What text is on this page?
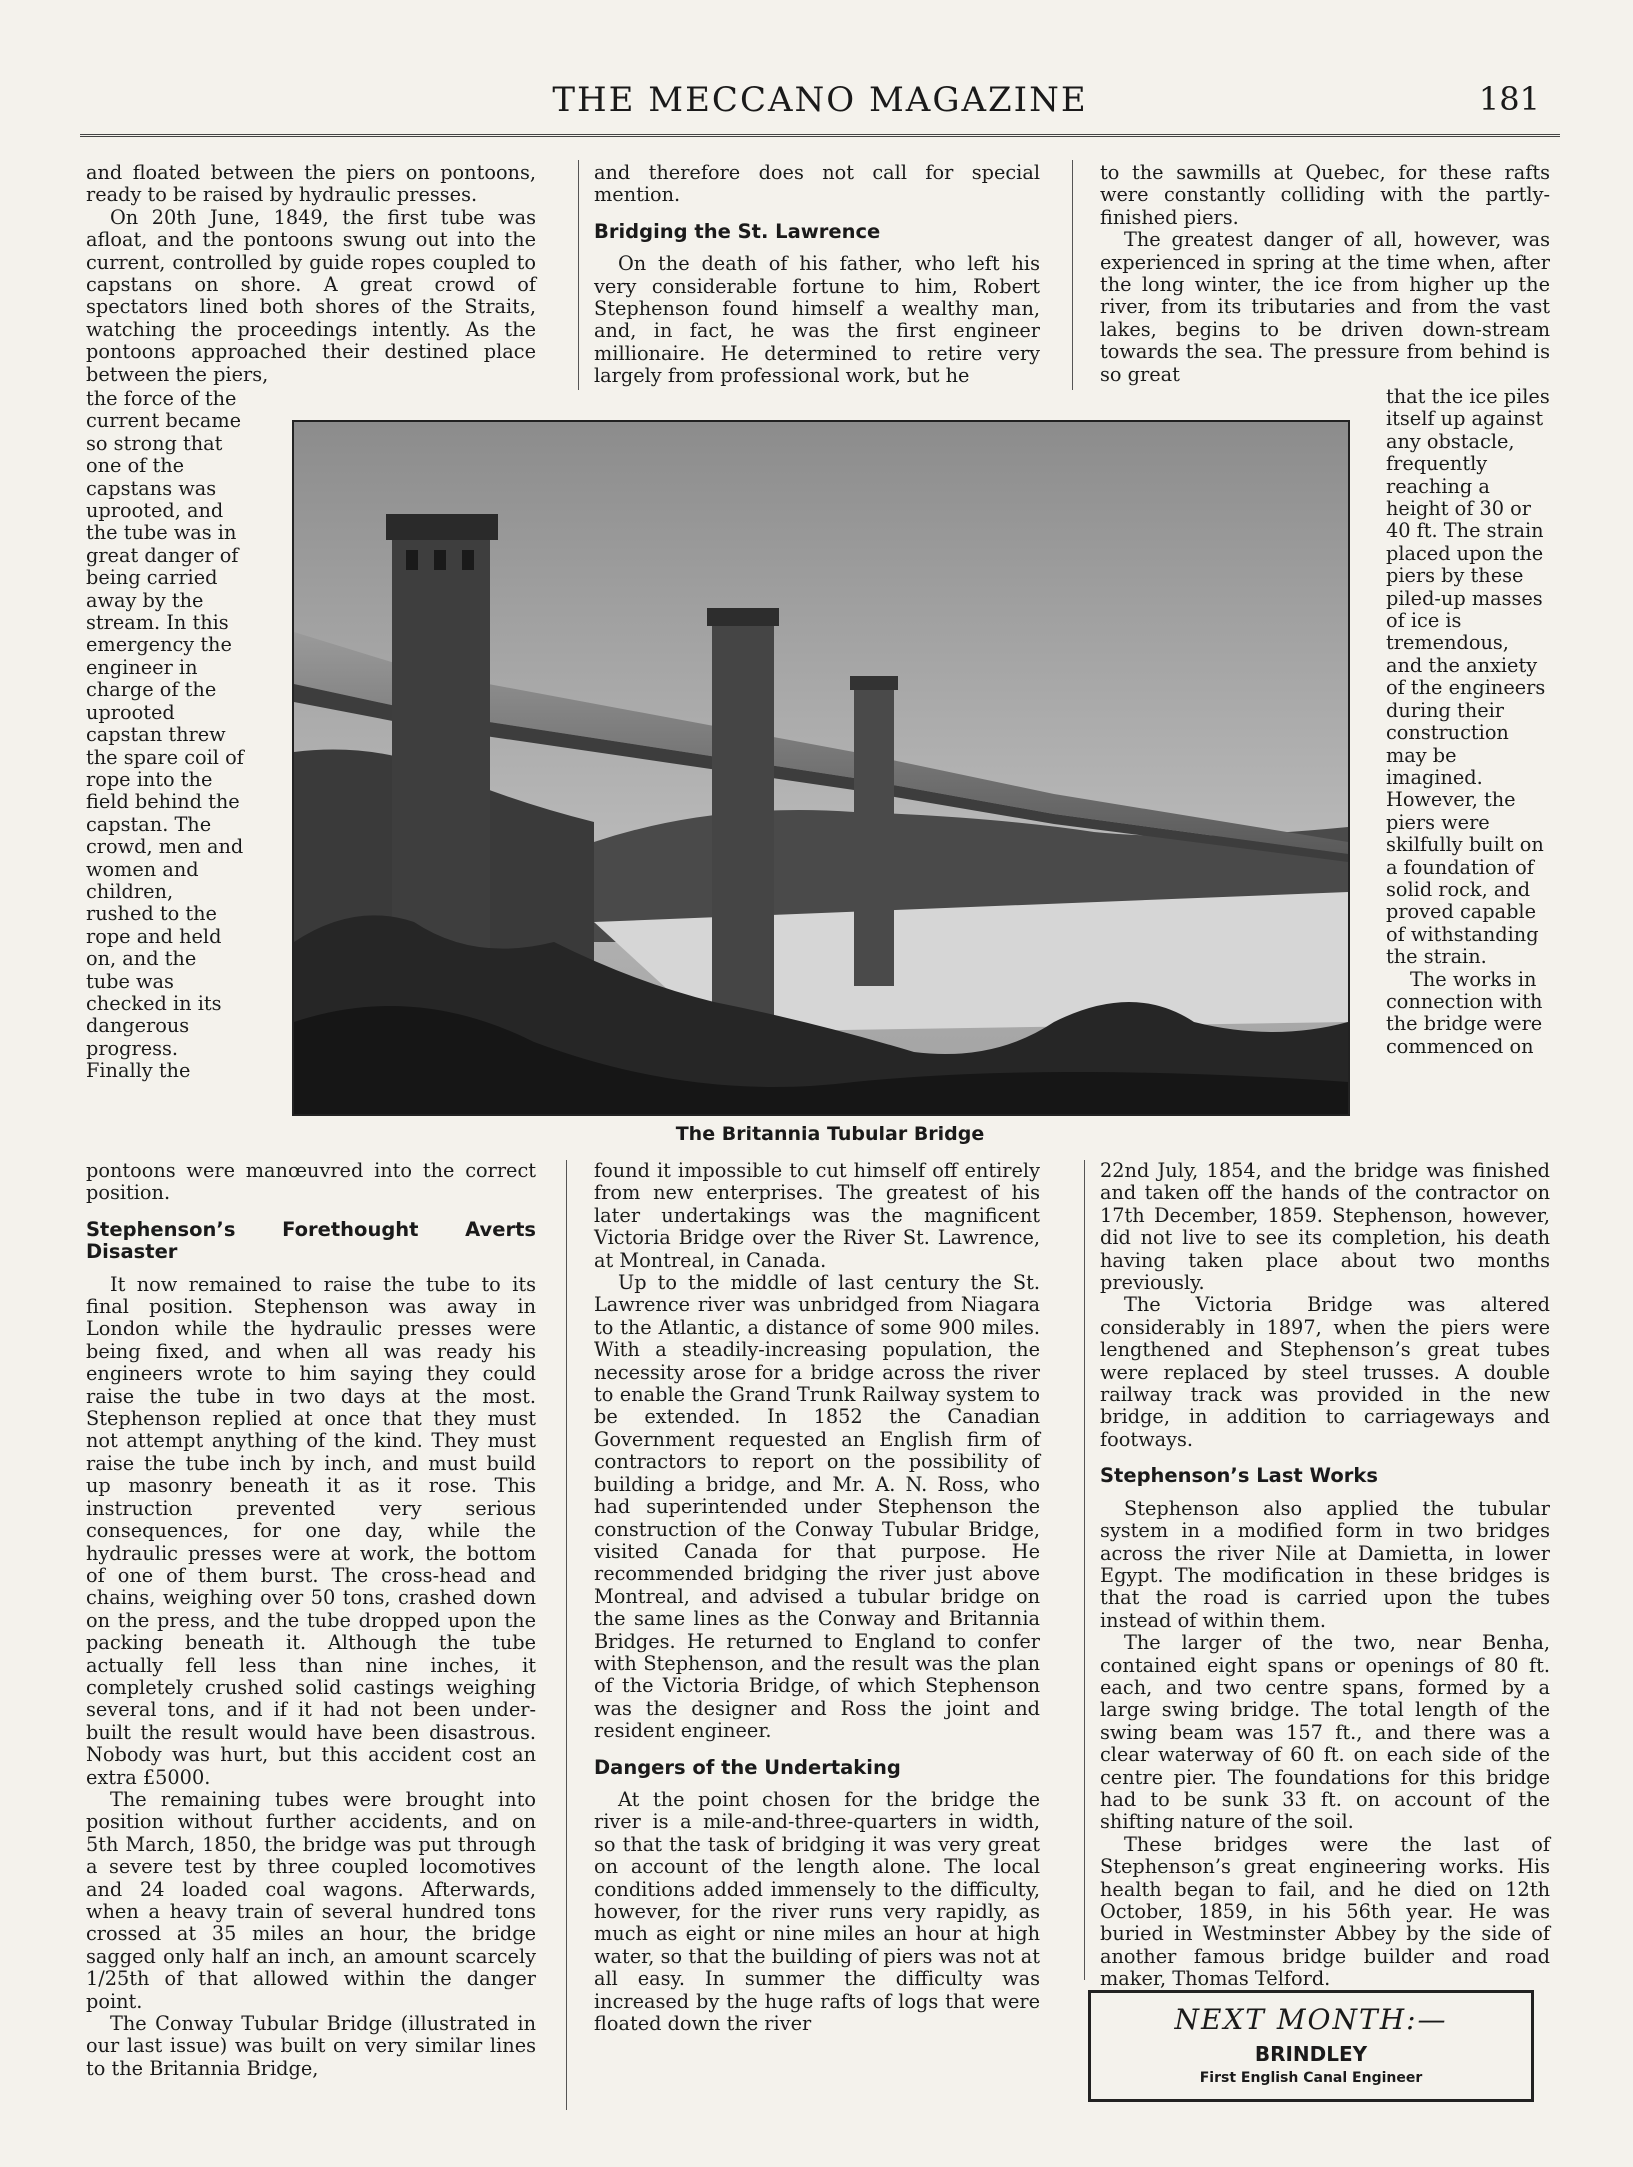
THE MECCANO MAGAZINE	181

and floated between the piers on pontoons, ready to be raised by hydraulic presses.

On 20th June, 1849, the first tube was afloat, and the pontoons swung out into the current, controlled by guide ropes coupled to capstans on shore. A great crowd of spectators lined both shores of the Straits, watching the proceedings intently. As the pontoons approached their destined place between the piers,

the force of the current became so strong that one of the capstans was uprooted, and the tube was in great danger of being carried away by the stream. In this emergency the engineer in charge of the uprooted capstan threw the spare coil of rope into the field behind the capstan. The crowd, men and women and children, rushed to the rope and held on, and the tube was checked in its dangerous progress. Finally the

pontoons were manœuvred into the correct position.

Stephenson’s Forethought Averts Disaster

It now remained to raise the tube to its final position. Stephenson was away in London while the hydraulic presses were being fixed, and when all was ready his engineers wrote to him saying they could raise the tube in two days at the most. Stephenson replied at once that they must not attempt anything of the kind. They must raise the tube inch by inch, and must build up masonry beneath it as it rose. This instruction prevented very serious consequences, for one day, while the hydraulic presses were at work, the bottom of one of them burst. The cross-head and chains, weighing over 50 tons, crashed down on the press, and the tube dropped upon the packing beneath it. Although the tube actually fell less than nine inches, it completely crushed solid castings weighing several tons, and if it had not been under-built the result would have been disastrous. Nobody was hurt, but this accident cost an extra £5000.

The remaining tubes were brought into position without further accidents, and on 5th March, 1850, the bridge was put through a severe test by three coupled locomotives and 24 loaded coal wagons. Afterwards, when a heavy train of several hundred tons crossed at 35 miles an hour, the bridge sagged only half an inch, an amount scarcely 1/25th of that allowed within the danger point.

The Conway Tubular Bridge (illustrated in our last issue) was built on very similar lines to the Britannia Bridge,

and therefore does not call for special mention.

Bridging the St. Lawrence

On the death of his father, who left his very considerable fortune to him, Robert Stephenson found himself a wealthy man, and, in fact, he was the first engineer millionaire. He determined to retire very largely from professional work, but he

found it impossible to cut himself off entirely from new enterprises. The greatest of his later undertakings was the magnificent Victoria Bridge over the River St. Lawrence, at Montreal, in Canada.

Up to the middle of last century the St. Lawrence river was unbridged from Niagara to the Atlantic, a distance of some 900 miles. With a steadily-increasing population, the necessity arose for a bridge across the river to enable the Grand Trunk Railway system to be extended. In 1852 the Canadian Government requested an English firm of contractors to report on the possibility of building a bridge, and Mr. A. N. Ross, who had superintended under Stephenson the construction of the Conway Tubular Bridge, visited Canada for that purpose. He recommended bridging the river just above Montreal, and advised a tubular bridge on the same lines as the Conway and Britannia Bridges. He returned to England to confer with Stephenson, and the result was the plan of the Victoria Bridge, of which Stephenson was the designer and Ross the joint and resident engineer.

Dangers of the Undertaking

At the point chosen for the bridge the river is a mile-and-three-quarters in width, so that the task of bridging it was very great on account of the length alone. The local conditions added immensely to the difficulty, however, for the river runs very rapidly, as much as eight or nine miles an hour at high water, so that the building of piers was not at all easy. In summer the difficulty was increased by the huge rafts of logs that were floated down the river

to the sawmills at Quebec, for these rafts were constantly colliding with the partly-finished piers.

The greatest danger of all, however, was experienced in spring at the time when, after the long winter, the ice from higher up the river, from its tributaries and from the vast lakes, begins to be driven down-stream towards the sea. The pressure from behind is so great

that the ice piles itself up against any obstacle, frequently reaching a height of 30 or 40 ft. The strain placed upon the piers by these piled-up masses of ice is tremendous, and the anxiety of the engineers during their construction may be imagined. However, the piers were skilfully built on a foundation of solid rock, and proved capable of withstanding the strain.

The works in connection with the bridge were commenced on

22nd July, 1854, and the bridge was finished and taken off the hands of the contractor on 17th December, 1859. Stephenson, however, did not live to see its completion, his death having taken place about two months previously.

The Victoria Bridge was altered considerably in 1897, when the piers were lengthened and Stephenson’s great tubes were replaced by steel trusses. A double railway track was provided in the new bridge, in addition to carriageways and footways.

Stephenson’s Last Works

Stephenson also applied the tubular system in a modified form in two bridges across the river Nile at Damietta, in lower Egypt. The modification in these bridges is that the road is carried upon the tubes instead of within them.

The larger of the two, near Benha, contained eight spans or openings of 80 ft. each, and two centre spans, formed by a large swing bridge. The total length of the swing beam was 157 ft., and there was a clear waterway of 60 ft. on each side of the centre pier. The foundations for this bridge had to be sunk 33 ft. on account of the shifting nature of the soil.

These bridges were the last of Stephenson’s great engineering works. His health began to fail, and he died on 12th October, 1859, in his 56th year. He was buried in Westminster Abbey by the side of another famous bridge builder and road maker, Thomas Telford.

The Britannia Tubular Bridge
NEXT MONTH:—
BRINDLEY
First English Canal Engineer
